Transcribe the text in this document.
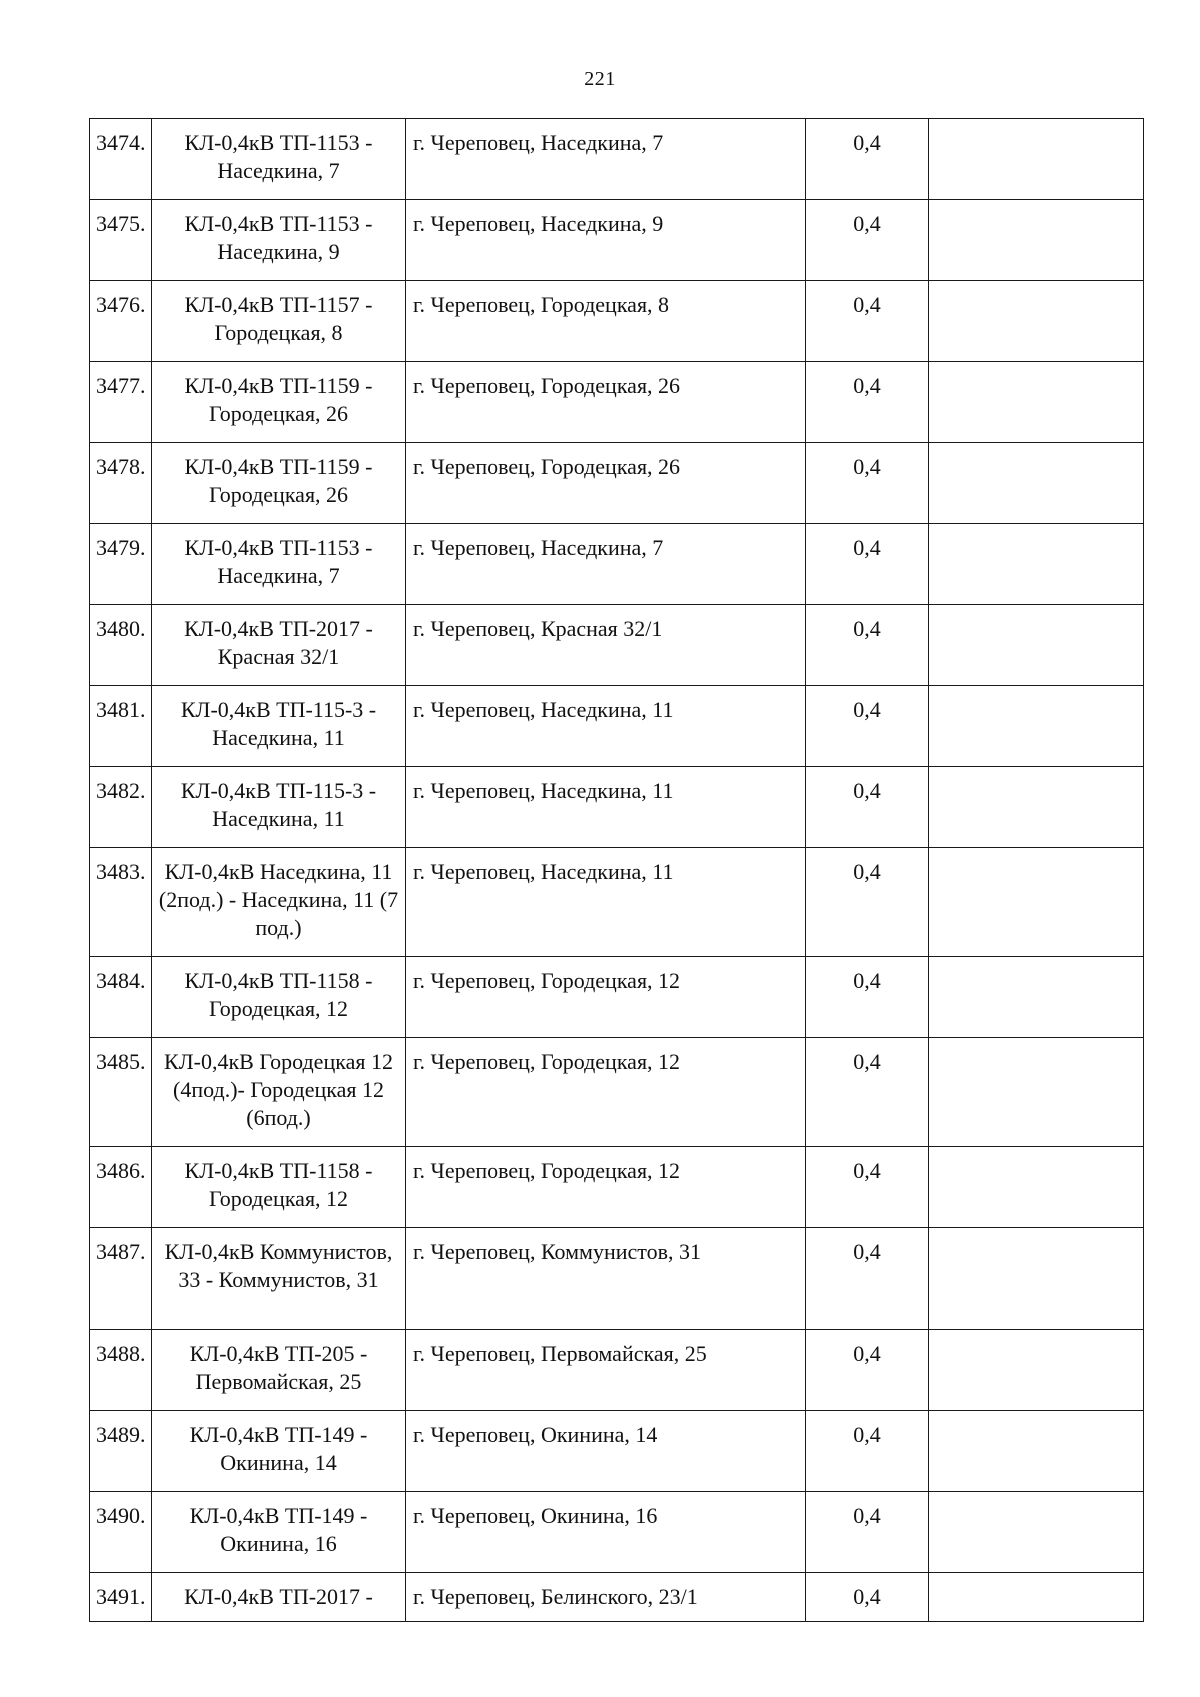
221
3474.	КЛ-0,4кВ ТП-1153 - Наседкина, 7	г. Череповец, Наседкина, 7	0,4	
3475.	КЛ-0,4кВ ТП-1153 - Наседкина, 9	г. Череповец, Наседкина, 9	0,4	
3476.	КЛ-0,4кВ ТП-1157 - Городецкая, 8	г. Череповец, Городецкая, 8	0,4	
3477.	КЛ-0,4кВ ТП-1159 - Городецкая, 26	г. Череповец, Городецкая, 26	0,4	
3478.	КЛ-0,4кВ ТП-1159 - Городецкая, 26	г. Череповец, Городецкая, 26	0,4	
3479.	КЛ-0,4кВ ТП-1153 - Наседкина, 7	г. Череповец, Наседкина, 7	0,4	
3480.	КЛ-0,4кВ ТП-2017 - Красная 32/1	г. Череповец, Красная 32/1	0,4	
3481.	КЛ-0,4кВ ТП-115-3 - Наседкина, 11	г. Череповец, Наседкина, 11	0,4	
3482.	КЛ-0,4кВ ТП-115-3 - Наседкина, 11	г. Череповец, Наседкина, 11	0,4	
3483.	КЛ-0,4кВ Наседкина, 11 (2под.) - Наседкина, 11 (7 под.)	г. Череповец, Наседкина, 11	0,4	
3484.	КЛ-0,4кВ ТП-1158 - Городецкая, 12	г. Череповец, Городецкая, 12	0,4	
3485.	КЛ-0,4кВ Городецкая 12 (4под.)- Городецкая 12 (6под.)	г. Череповец, Городецкая, 12	0,4	
3486.	КЛ-0,4кВ ТП-1158 - Городецкая, 12	г. Череповец, Городецкая, 12	0,4	
3487.	КЛ-0,4кВ Коммунистов, 33 - Коммунистов, 31	г. Череповец, Коммунистов, 31	0,4	
3488.	КЛ-0,4кВ ТП-205 - Первомайская, 25	г. Череповец, Первомайская, 25	0,4	
3489.	КЛ-0,4кВ ТП-149 - Окинина, 14	г. Череповец, Окинина, 14	0,4	
3490.	КЛ-0,4кВ ТП-149 - Окинина, 16	г. Череповец, Окинина, 16	0,4	
3491.	КЛ-0,4кВ ТП-2017 -	г. Череповец, Белинского, 23/1	0,4	
